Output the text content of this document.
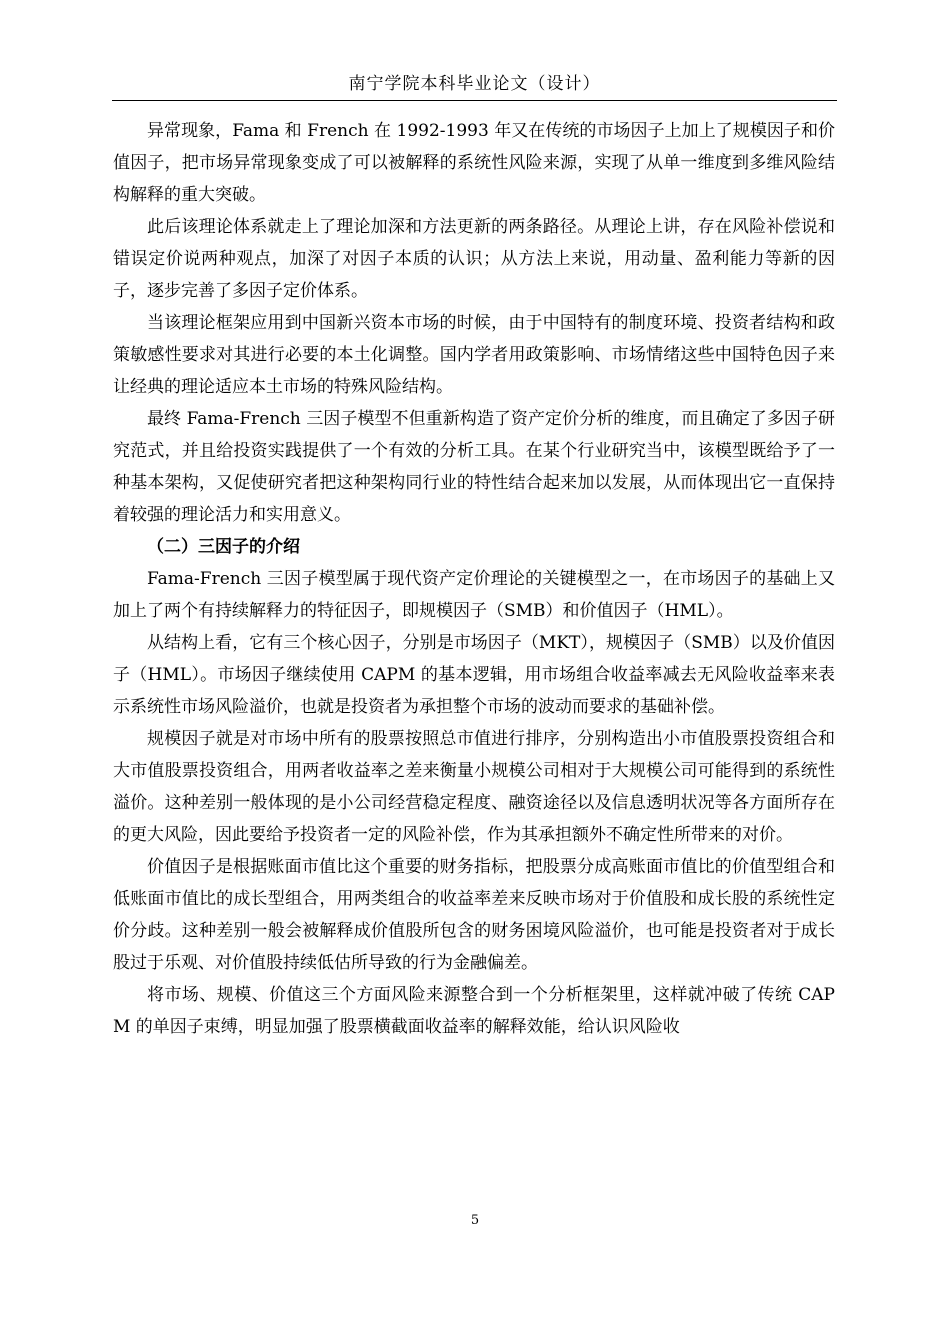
南宁学院本科毕业论文（设计）

异常现象，Fama 和 French 在 1992-1993 年又在传统的市场因子上加上了规模因子和价值因子，把市场异常现象变成了可以被解释的系统性风险来源，实现了从单一维度到多维风险结构解释的重大突破。

此后该理论体系就走上了理论加深和方法更新的两条路径。从理论上讲，存在风险补偿说和错误定价说两种观点，加深了对因子本质的认识；从方法上来说，用动量、盈利能力等新的因子，逐步完善了多因子定价体系。

当该理论框架应用到中国新兴资本市场的时候，由于中国特有的制度环境、投资者结构和政策敏感性要求对其进行必要的本土化调整。国内学者用政策影响、市场情绪这些中国特色因子来让经典的理论适应本土市场的特殊风险结构。

最终 Fama-French 三因子模型不但重新构造了资产定价分析的维度，而且确定了多因子研究范式，并且给投资实践提供了一个有效的分析工具。在某个行业研究当中，该模型既给予了一种基本架构，又促使研究者把这种架构同行业的特性结合起来加以发展，从而体现出它一直保持着较强的理论活力和实用意义。

（二）三因子的介绍

Fama-French 三因子模型属于现代资产定价理论的关键模型之一，在市场因子的基础上又加上了两个有持续解释力的特征因子，即规模因子（SMB）和价值因子（HML）。

从结构上看，它有三个核心因子，分别是市场因子（MKT），规模因子（SMB）以及价值因子（HML）。市场因子继续使用 CAPM 的基本逻辑，用市场组合收益率减去无风险收益率来表示系统性市场风险溢价，也就是投资者为承担整个市场的波动而要求的基础补偿。

规模因子就是对市场中所有的股票按照总市值进行排序，分别构造出小市值股票投资组合和大市值股票投资组合，用两者收益率之差来衡量小规模公司相对于大规模公司可能得到的系统性溢价。这种差别一般体现的是小公司经营稳定程度、融资途径以及信息透明状况等各方面所存在的更大风险，因此要给予投资者一定的风险补偿，作为其承担额外不确定性所带来的对价。

价值因子是根据账面市值比这个重要的财务指标，把股票分成高账面市值比的价值型组合和低账面市值比的成长型组合，用两类组合的收益率差来反映市场对于价值股和成长股的系统性定价分歧。这种差别一般会被解释成价值股所包含的财务困境风险溢价，也可能是投资者对于成长股过于乐观、对价值股持续低估所导致的行为金融偏差。

将市场、规模、价值这三个方面风险来源整合到一个分析框架里，这样就冲破了传统 CAPM 的单因子束缚，明显加强了股票横截面收益率的解释效能，给认识风险收

5
